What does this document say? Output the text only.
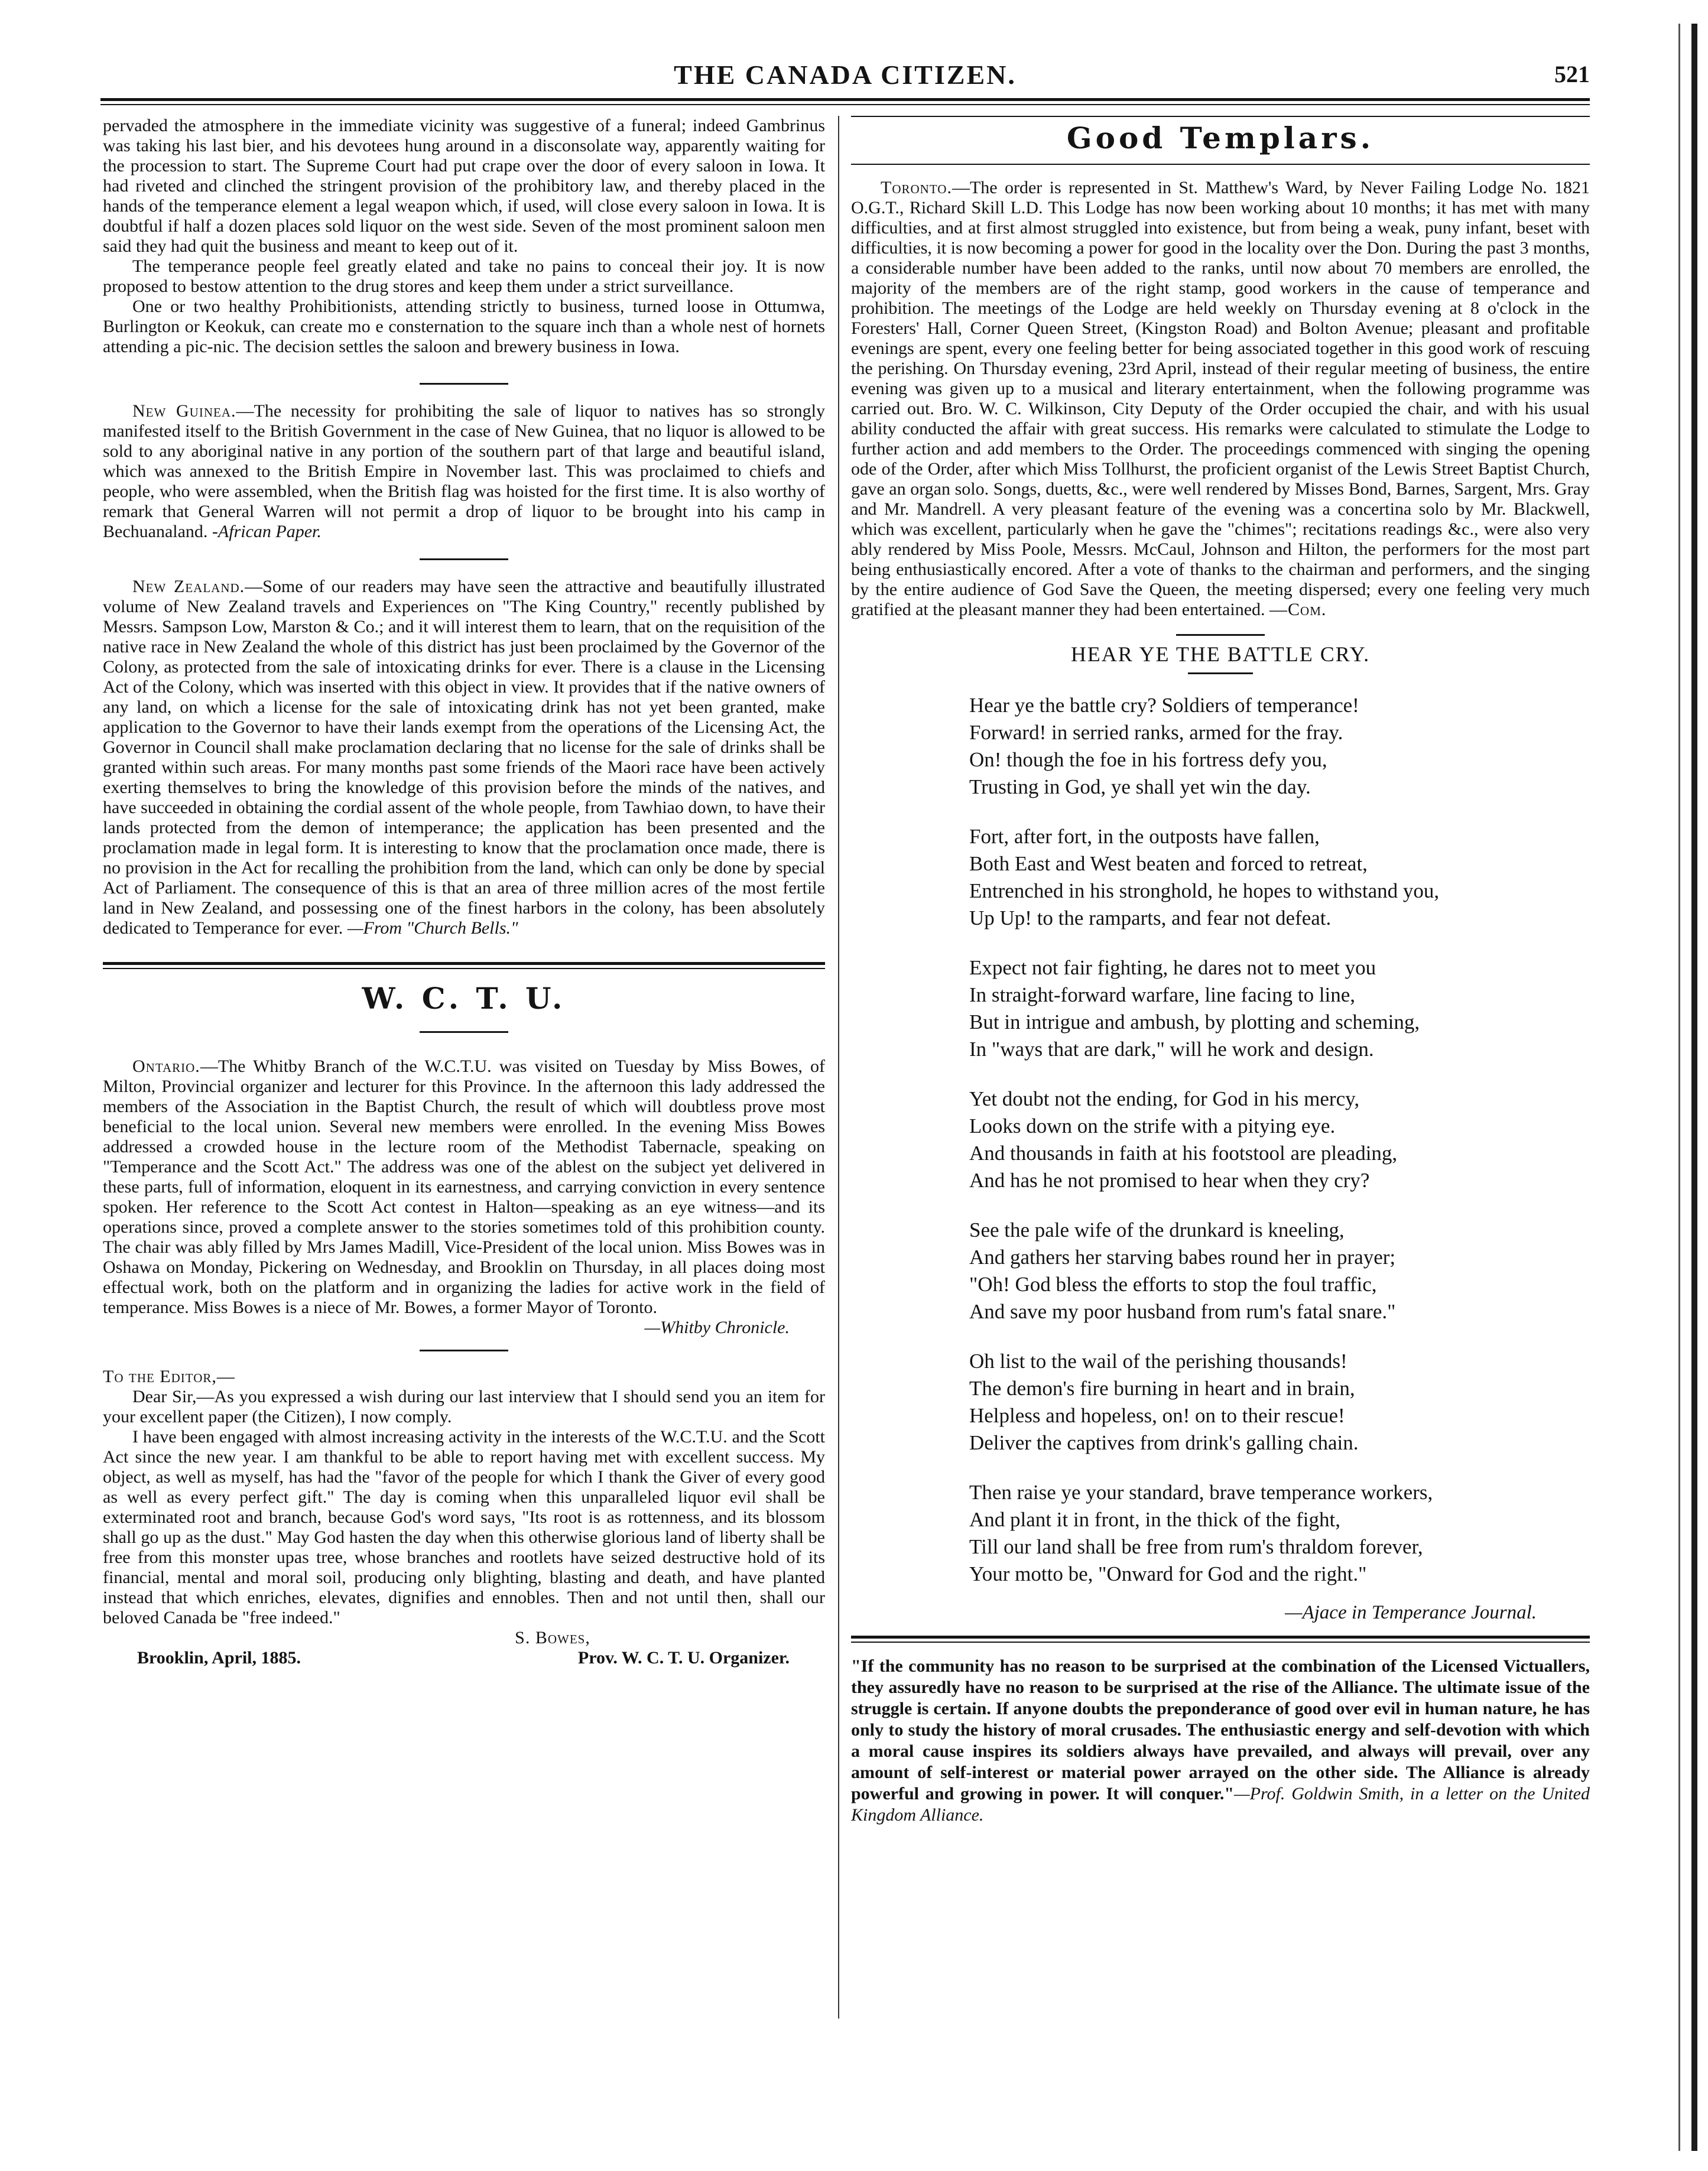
THE CANADA CITIZEN.	521

pervaded the atmosphere in the immediate vicinity was suggestive of a funeral; indeed Gambrinus was taking his last bier, and his devotees hung around in a disconsolate way, apparently waiting for the procession to start. The Supreme Court had put crape over the door of every saloon in Iowa. It had riveted and clinched the stringent provision of the prohibitory law, and thereby placed in the hands of the temperance element a legal weapon which, if used, will close every saloon in Iowa. It is doubtful if half a dozen places sold liquor on the west side. Seven of the most prominent saloon men said they had quit the business and meant to keep out of it.

The temperance people feel greatly elated and take no pains to conceal their joy. It is now proposed to bestow attention to the drug stores and keep them under a strict surveillance.

One or two healthy Prohibitionists, attending strictly to business, turned loose in Ottumwa, Burlington or Keokuk, can create mo e consternation to the square inch than a whole nest of hornets attending a pic-nic. The decision settles the saloon and brewery business in Iowa.

New Guinea.—The necessity for prohibiting the sale of liquor to natives has so strongly manifested itself to the British Government in the case of New Guinea, that no liquor is allowed to be sold to any aboriginal native in any portion of the southern part of that large and beautiful island, which was annexed to the British Empire in November last. This was proclaimed to chiefs and people, who were assembled, when the British flag was hoisted for the first time. It is also worthy of remark that General Warren will not permit a drop of liquor to be brought into his camp in Bechuanaland. -African Paper.

New Zealand.—Some of our readers may have seen the attractive and beautifully illustrated volume of New Zealand travels and Experiences on "The King Country," recently published by Messrs. Sampson Low, Marston & Co.; and it will interest them to learn, that on the requisition of the native race in New Zealand the whole of this district has just been proclaimed by the Governor of the Colony, as protected from the sale of intoxicating drinks for ever. There is a clause in the Licensing Act of the Colony, which was inserted with this object in view. It provides that if the native owners of any land, on which a license for the sale of intoxicating drink has not yet been granted, make application to the Governor to have their lands exempt from the operations of the Licensing Act, the Governor in Council shall make proclamation declaring that no license for the sale of drinks shall be granted within such areas. For many months past some friends of the Maori race have been actively exerting themselves to bring the knowledge of this provision before the minds of the natives, and have succeeded in obtaining the cordial assent of the whole people, from Tawhiao down, to have their lands protected from the demon of intemperance; the application has been presented and the proclamation made in legal form. It is interesting to know that the proclamation once made, there is no provision in the Act for recalling the prohibition from the land, which can only be done by special Act of Parliament. The consequence of this is that an area of three million acres of the most fertile land in New Zealand, and possessing one of the finest harbors in the colony, has been absolutely dedicated to Temperance for ever. —From "Church Bells."

W. C. T. U.

Ontario.—The Whitby Branch of the W.C.T.U. was visited on Tuesday by Miss Bowes, of Milton, Provincial organizer and lecturer for this Province. In the afternoon this lady addressed the members of the Association in the Baptist Church, the result of which will doubtless prove most beneficial to the local union. Several new members were enrolled. In the evening Miss Bowes addressed a crowded house in the lecture room of the Methodist Tabernacle, speaking on "Temperance and the Scott Act." The address was one of the ablest on the subject yet delivered in these parts, full of information, eloquent in its earnestness, and carrying conviction in every sentence spoken. Her reference to the Scott Act contest in Halton—speaking as an eye witness—and its operations since, proved a complete answer to the stories sometimes told of this prohibition county. The chair was ably filled by Mrs James Madill, Vice-President of the local union. Miss Bowes was in Oshawa on Monday, Pickering on Wednesday, and Brooklin on Thursday, in all places doing most effectual work, both on the platform and in organizing the ladies for active work in the field of temperance. Miss Bowes is a niece of Mr. Bowes, a former Mayor of Toronto.

—Whitby Chronicle.
To the Editor,—

Dear Sir,—As you expressed a wish during our last interview that I should send you an item for your excellent paper (the Citizen), I now comply.

I have been engaged with almost increasing activity in the interests of the W.C.T.U. and the Scott Act since the new year. I am thankful to be able to report having met with excellent success. My object, as well as myself, has had the "favor of the people for which I thank the Giver of every good as well as every perfect gift." The day is coming when this unparalleled liquor evil shall be exterminated root and branch, because God's word says, "Its root is as rottenness, and its blossom shall go up as the dust." May God hasten the day when this otherwise glorious land of liberty shall be free from this monster upas tree, whose branches and rootlets have seized destructive hold of its financial, mental and moral soil, producing only blighting, blasting and death, and have planted instead that which enriches, elevates, dignifies and ennobles. Then and not until then, shall our beloved Canada be "free indeed."

S. Bowes,
Brooklin, April, 1885.	Prov. W. C. T. U. Organizer.
Good Templars.

Toronto.—The order is represented in St. Matthew's Ward, by Never Failing Lodge No. 1821 O.G.T., Richard Skill L.D. This Lodge has now been working about 10 months; it has met with many difficulties, and at first almost struggled into existence, but from being a weak, puny infant, beset with difficulties, it is now becoming a power for good in the locality over the Don. During the past 3 months, a considerable number have been added to the ranks, until now about 70 members are enrolled, the majority of the members are of the right stamp, good workers in the cause of temperance and prohibition. The meetings of the Lodge are held weekly on Thursday evening at 8 o'clock in the Foresters' Hall, Corner Queen Street, (Kingston Road) and Bolton Avenue; pleasant and profitable evenings are spent, every one feeling better for being associated together in this good work of rescuing the perishing. On Thursday evening, 23rd April, instead of their regular meeting of business, the entire evening was given up to a musical and literary entertainment, when the following programme was carried out. Bro. W. C. Wilkinson, City Deputy of the Order occupied the chair, and with his usual ability conducted the affair with great success. His remarks were calculated to stimulate the Lodge to further action and add members to the Order. The proceedings commenced with singing the opening ode of the Order, after which Miss Tollhurst, the proficient organist of the Lewis Street Baptist Church, gave an organ solo. Songs, duetts, &c., were well rendered by Misses Bond, Barnes, Sargent, Mrs. Gray and Mr. Mandrell. A very pleasant feature of the evening was a concertina solo by Mr. Blackwell, which was excellent, particularly when he gave the "chimes"; recitations readings &c., were also very ably rendered by Miss Poole, Messrs. McCaul, Johnson and Hilton, the performers for the most part being enthusiastically encored. After a vote of thanks to the chairman and performers, and the singing by the entire audience of God Save the Queen, the meeting dispersed; every one feeling very much gratified at the pleasant manner they had been entertained. —Com.

HEAR YE THE BATTLE CRY.
Hear ye the battle cry? Soldiers of temperance!
Forward! in serried ranks, armed for the fray.
On! though the foe in his fortress defy you,
Trusting in God, ye shall yet win the day.
Fort, after fort, in the outposts have fallen,
Both East and West beaten and forced to retreat,
Entrenched in his stronghold, he hopes to withstand you,
Up Up! to the ramparts, and fear not defeat.
Expect not fair fighting, he dares not to meet you
In straight-forward warfare, line facing to line,
But in intrigue and ambush, by plotting and scheming,
In "ways that are dark," will he work and design.
Yet doubt not the ending, for God in his mercy,
Looks down on the strife with a pitying eye.
And thousands in faith at his footstool are pleading,
And has he not promised to hear when they cry?
See the pale wife of the drunkard is kneeling,
And gathers her starving babes round her in prayer;
"Oh! God bless the efforts to stop the foul traffic,
And save my poor husband from rum's fatal snare."
Oh list to the wail of the perishing thousands!
The demon's fire burning in heart and in brain,
Helpless and hopeless, on! on to their rescue!
Deliver the captives from drink's galling chain.
Then raise ye your standard, brave temperance workers,
And plant it in front, in the thick of the fight,
Till our land shall be free from rum's thraldom forever,
Your motto be, "Onward for God and the right."
—Ajace in Temperance Journal.
"If the community has no reason to be surprised at the combination of the Licensed Victuallers, they assuredly have no reason to be surprised at the rise of the Alliance. The ultimate issue of the struggle is certain. If anyone doubts the preponderance of good over evil in human nature, he has only to study the history of moral crusades. The enthusiastic energy and self-devotion with which a moral cause inspires its soldiers always have prevailed, and always will prevail, over any amount of self-interest or material power arrayed on the other side. The Alliance is already powerful and growing in power. It will conquer."—Prof. Goldwin Smith, in a letter on the United Kingdom Alliance.
